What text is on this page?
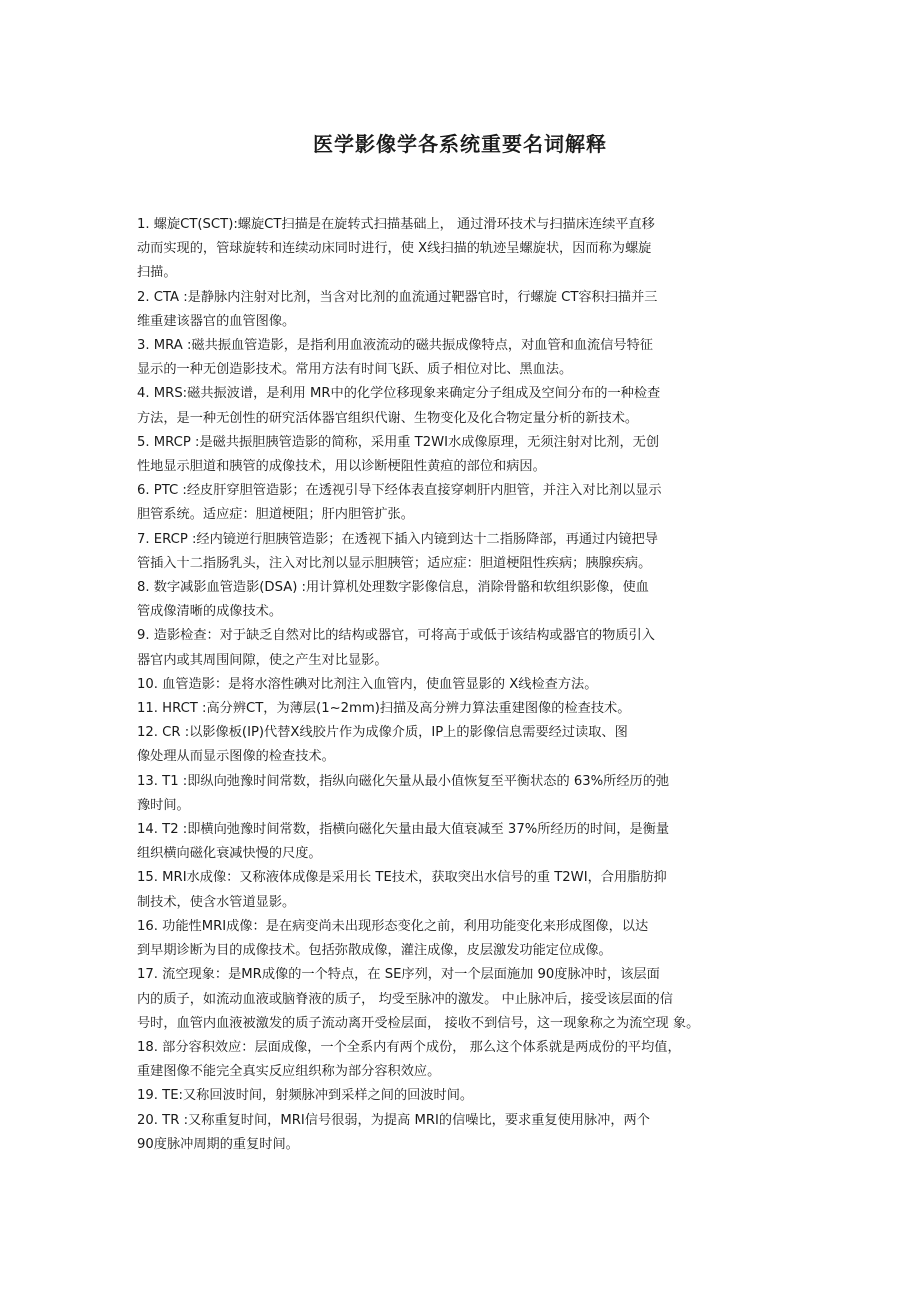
医学影像学各系统重要名词解释
1. 螺旋CT(SCT):螺旋CT扫描是在旋转式扫描基础上， 通过滑环技术与扫描床连续平直移
动而实现的，管球旋转和连续动床同时进行，使 X线扫描的轨迹呈螺旋状，因而称为螺旋
扫描。
2. CTA :是静脉内注射对比剂，当含对比剂的血流通过靶器官时，行螺旋 CT容积扫描并三
维重建该器官的血管图像。
3. MRA :磁共振血管造影，是指利用血液流动的磁共振成像特点，对血管和血流信号特征
显示的一种无创造影技术。常用方法有时间飞跃、质子相位对比、黑血法。
4. MRS:磁共振波谱，是利用 MR中的化学位移现象来确定分子组成及空间分布的一种检查
方法，是一种无创性的研究活体器官组织代谢、生物变化及化合物定量分析的新技术。
5. MRCP :是磁共振胆胰管造影的简称，采用重 T2WI水成像原理，无须注射对比剂，无创
性地显示胆道和胰管的成像技术，用以诊断梗阻性黄疸的部位和病因。
6. PTC :经皮肝穿胆管造影；在透视引导下经体表直接穿刺肝内胆管，并注入对比剂以显示
胆管系统。适应症：胆道梗阻；肝内胆管扩张。
7. ERCP :经内镜逆行胆胰管造影；在透视下插入内镜到达十二指肠降部，再通过内镜把导
管插入十二指肠乳头，注入对比剂以显示胆胰管；适应症：胆道梗阻性疾病；胰腺疾病。
8. 数字减影血管造影(DSA) :用计算机处理数字影像信息，消除骨骼和软组织影像，使血
管成像清晰的成像技术。
9. 造影检查：对于缺乏自然对比的结构或器官，可将高于或低于该结构或器官的物质引入
器官内或其周围间隙，使之产生对比显影。
10. 血管造影：是将水溶性碘对比剂注入血管内，使血管显影的 X线检查方法。
11. HRCT :高分辨CT，为薄层(1~2mm)扫描及高分辨力算法重建图像的检查技术。
12. CR :以影像板(IP)代替X线胶片作为成像介质，IP上的影像信息需要经过读取、图
像处理从而显示图像的检查技术。
13. T1 :即纵向弛豫时间常数，指纵向磁化矢量从最小值恢复至平衡状态的 63%所经历的弛
豫时间。
14. T2 :即横向弛豫时间常数，指横向磁化矢量由最大值衰减至 37%所经历的时间，是衡量
组织横向磁化衰减快慢的尺度。
15. MRI水成像：又称液体成像是采用长 TE技术，获取突出水信号的重 T2WI，合用脂肪抑
制技术，使含水管道显影。
16. 功能性MRI成像：是在病变尚未出现形态变化之前，利用功能变化来形成图像，以达
到早期诊断为目的成像技术。包括弥散成像，灌注成像，皮层激发功能定位成像。
17. 流空现象：是MR成像的一个特点，在 SE序列，对一个层面施加 90度脉冲时，该层面
内的质子，如流动血液或脑脊液的质子， 均受至脉冲的激发。 中止脉冲后，接受该层面的信
号时，血管内血液被激发的质子流动离开受检层面， 接收不到信号，这一现象称之为流空现 象。
18. 部分容积效应：层面成像，一个全系内有两个成份， 那么这个体系就是两成份的平均值，
重建图像不能完全真实反应组织称为部分容积效应。
19. TE:又称回波时间，射频脉冲到采样之间的回波时间。
20. TR :又称重复时间，MRI信号很弱，为提高 MRI的信噪比，要求重复使用脉冲，两个
90度脉冲周期的重复时间。
